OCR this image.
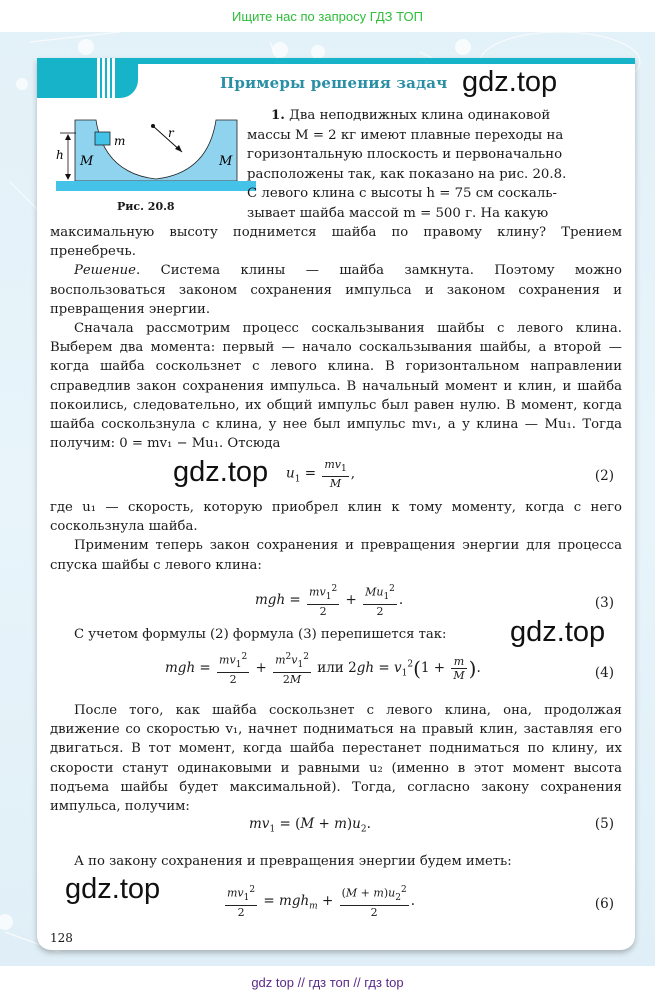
Ищите нас по запросу ГДЗ ТОП
Примеры решения задач gdz.top
m
r
h M	M
Рис. 20.8
1. Два неподвижных клина одинаковой
массы M = 2 кг имеют плавные переходы на
горизонтальную плоскость и первоначально
расположены так, как показано на рис. 20.8.
С левого клина с высоты h = 75 см соскаль-
зывает шайба массой m = 500 г. На какую

максимальную высоту поднимется шайба по правому клину? Трением пренебречь.

Решение. Система клины — шайба замкнута. Поэтому можно воспользоваться законом сохранения импульса и законом сохранения и превращения энергии.

Сначала рассмотрим процесс соскальзывания шайбы с левого клина. Выберем два момента: первый — начало соскальзывания шайбы, а второй — когда шайба соскользнет с левого клина. В горизонтальном направлении справедлив закон сохранения импульса. В начальный момент и клин, и шайба покоились, следовательно, их общий импульс был равен нулю. В момент, когда шайба соскользнула с клина, у нее был импульс mv₁, а у клина — Mu₁. Тогда получим: 0 = mv₁ − Mu₁. Отсюда

gdz.top $u_1 = \frac{mv_1}{M}$ ,	(2)

где u₁ — скорость, которую приобрел клин к тому моменту, когда с него соскользнула шайба.

Применим теперь закон сохранения и превращения энергии для процесса спуска шайбы с левого клина:

mgh = $\frac{mv_1^2}{2} + \frac{Mu_1^2}{2}$ .	(3)
С учетом формулы (2) формула (3) перепишется так:	gdz.top
mgh = $\frac{mv_1^2}{2} + \frac{m^2v_1^2}{2M}$ или $2gh = v_1^2(1 + \frac{m}{M}$ ).	(4)

После того, как шайба соскользнет с левого клина, она, продолжая движение со скоростью v₁, начнет подниматься на правый клин, заставляя его двигаться. В тот момент, когда шайба перестанет подниматься по клину, их скорости станут одинаковыми и равными u₂ (именно в этот момент высота подъема шайбы будет максимальной). Тогда, согласно закону сохранения импульса, получим:

$mv_1 = (M + m)u_2$.	(5)
А по закону сохранения и превращения энергии будем иметь:
gdz.top	$\frac{mv_1^2}{2} = mgh_m + \frac{(M + m)u_2^2}{2}$ .	(6)
128
gdz top // гдз топ // гдз top
